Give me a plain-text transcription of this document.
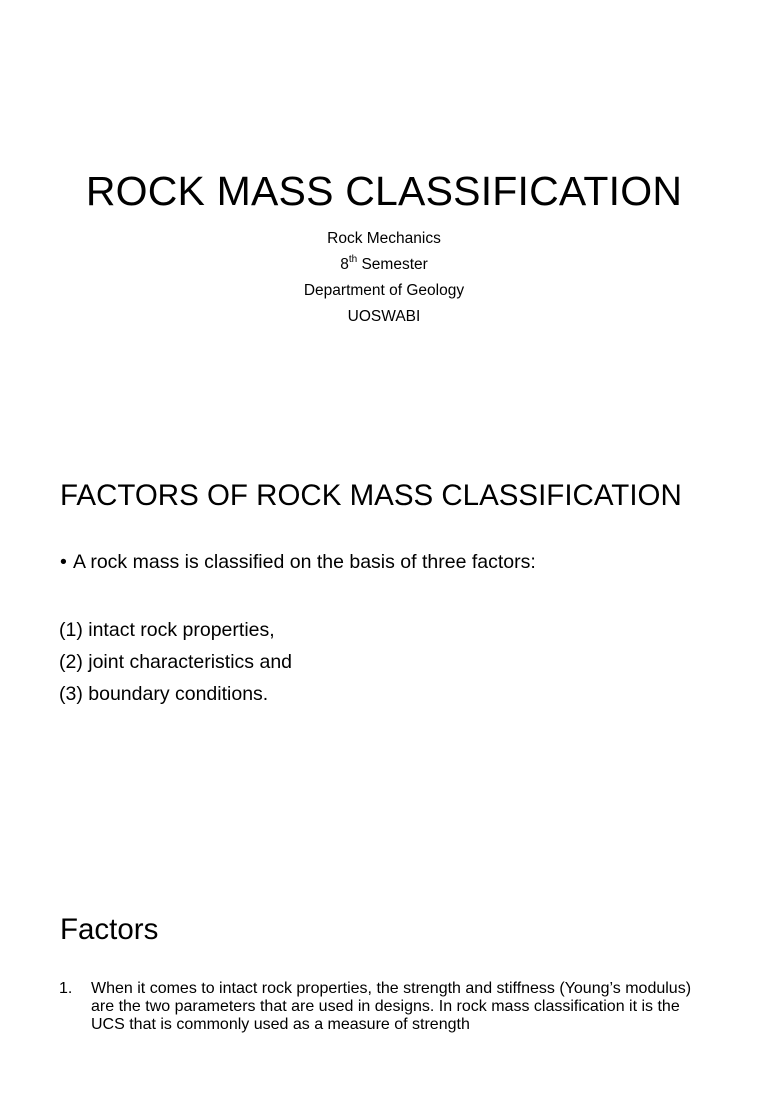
ROCK MASS CLASSIFICATION
Rock Mechanics
8th Semester
Department of Geology
UOSWABI
FACTORS OF ROCK MASS CLASSIFICATION
• A rock mass is classified on the basis of three factors:
(1) intact rock properties,
(2) joint characteristics and
(3) boundary conditions.
Factors
1.	When it comes to intact rock properties, the strength and stiffness (Young’s modulus) are the two parameters that are used in designs. In rock mass classification it is the UCS that is commonly used as a measure of strength
